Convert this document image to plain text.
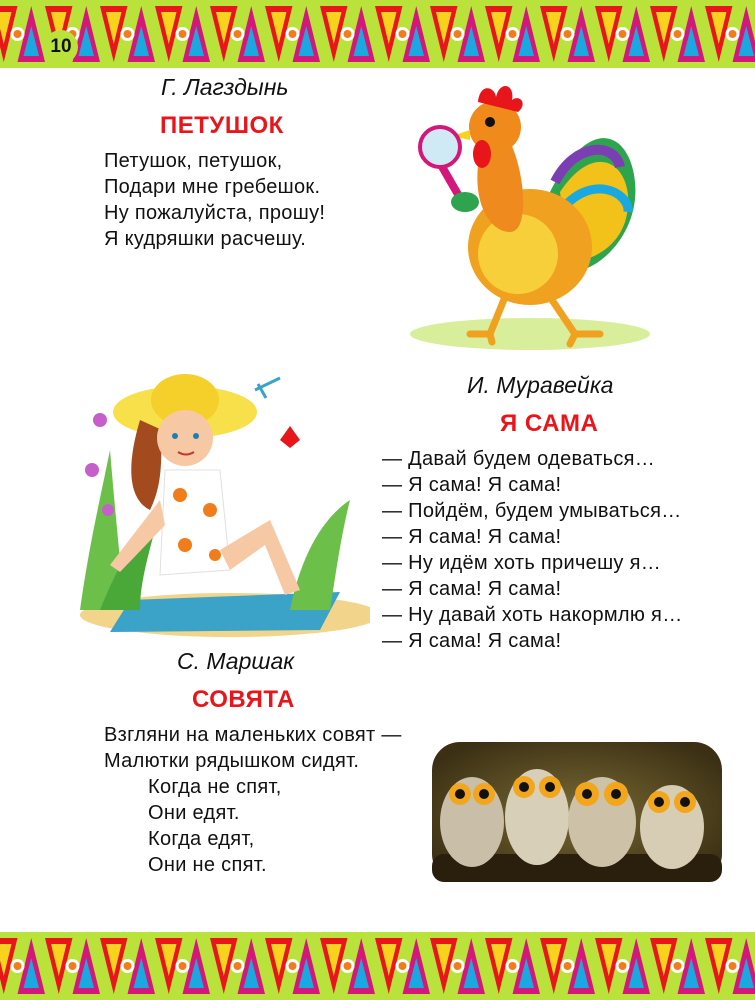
10
Г. Лагздынь
ПЕТУШОК
Петушок, петушок,
Подари мне гребешок.
Ну пожалуйста, прошу!
Я кудряшки расчешу.
И. Муравейка
Я САМА
— Давай будем одеваться…
— Я сама! Я сама!
— Пойдём, будем умываться…
— Я сама! Я сама!
— Ну идём хоть причешу я…
— Я сама! Я сама!
— Ну давай хоть накормлю я…
— Я сама! Я сама!
С. Маршак
СОВЯТА
Взгляни на маленьких совят —
Малютки рядышком сидят.
Когда не спят,
Они едят.
Когда едят,
Они не спят.
